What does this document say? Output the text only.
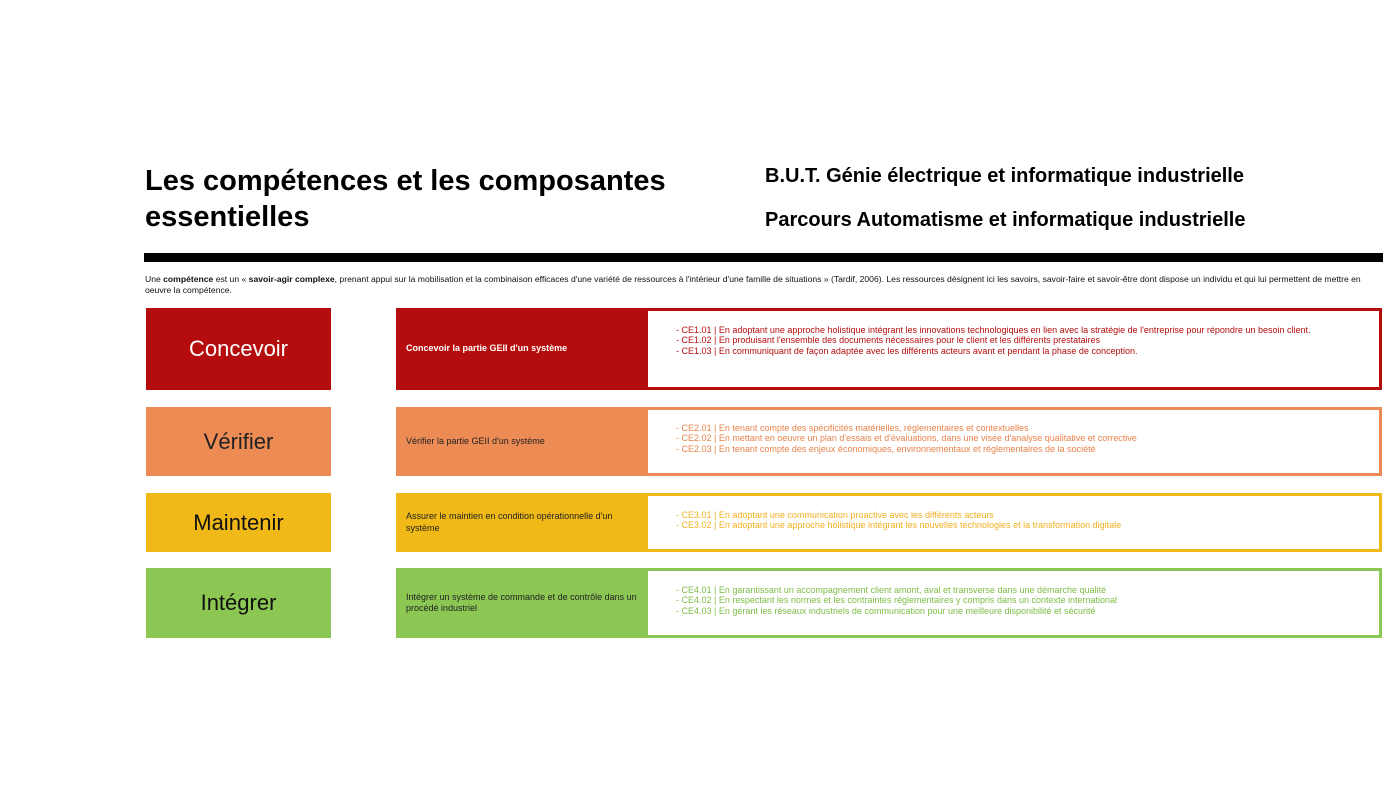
Les compétences et les composantes essentielles
B.U.T. Génie électrique et informatique industrielle
Parcours Automatisme et informatique industrielle
Une compétence est un « savoir-agir complexe, prenant appui sur la mobilisation et la combinaison efficaces d'une variété de ressources à l'intérieur d'une famille de situations » (Tardif, 2006). Les ressources désignent ici les savoirs, savoir-faire et savoir-être dont dispose un individu et qui lui permettent de mettre en oeuvre la compétence.
Concevoir	Concevoir la partie GEII d'un système
- CE1.01 | En adoptant une approche holistique intégrant les innovations technologiques en lien avec la stratégie de l'entreprise pour répondre un besoin client.
- CE1.02 | En produisant l'ensemble des documents nécessaires pour le client et les différents prestataires
- CE1.03 | En communiquant de façon adaptée avec les différents acteurs avant et pendant la phase de conception.
Vérifier	Vérifier la partie GEII d'un système
- CE2.01 | En tenant compte des spécificités matérielles, réglementaires et contextuelles
- CE2.02 | En mettant en oeuvre un plan d'essais et d'évaluations, dans une visée d'analyse qualitative et corrective
- CE2.03 | En tenant compte des enjeux économiques, environnementaux et réglementaires de la société
Maintenir	Assurer le maintien en condition opérationnelle d'un système
- CE3.01 | En adoptant une communication proactive avec les différents acteurs
- CE3.02 | En adoptant une approche holistique intégrant les nouvelles technologies et la transformation digitale
Intégrer	Intégrer un système de commande et de contrôle dans un procédé industriel
- CE4.01 | En garantissant un accompagnement client amont, aval et transverse dans une démarche qualité
- CE4.02 | En respectant les normes et les contraintes réglementaires y compris dans un contexte international
- CE4.03 | En gérant les réseaux industriels de communication pour une meilleure disponibilité et sécurité
